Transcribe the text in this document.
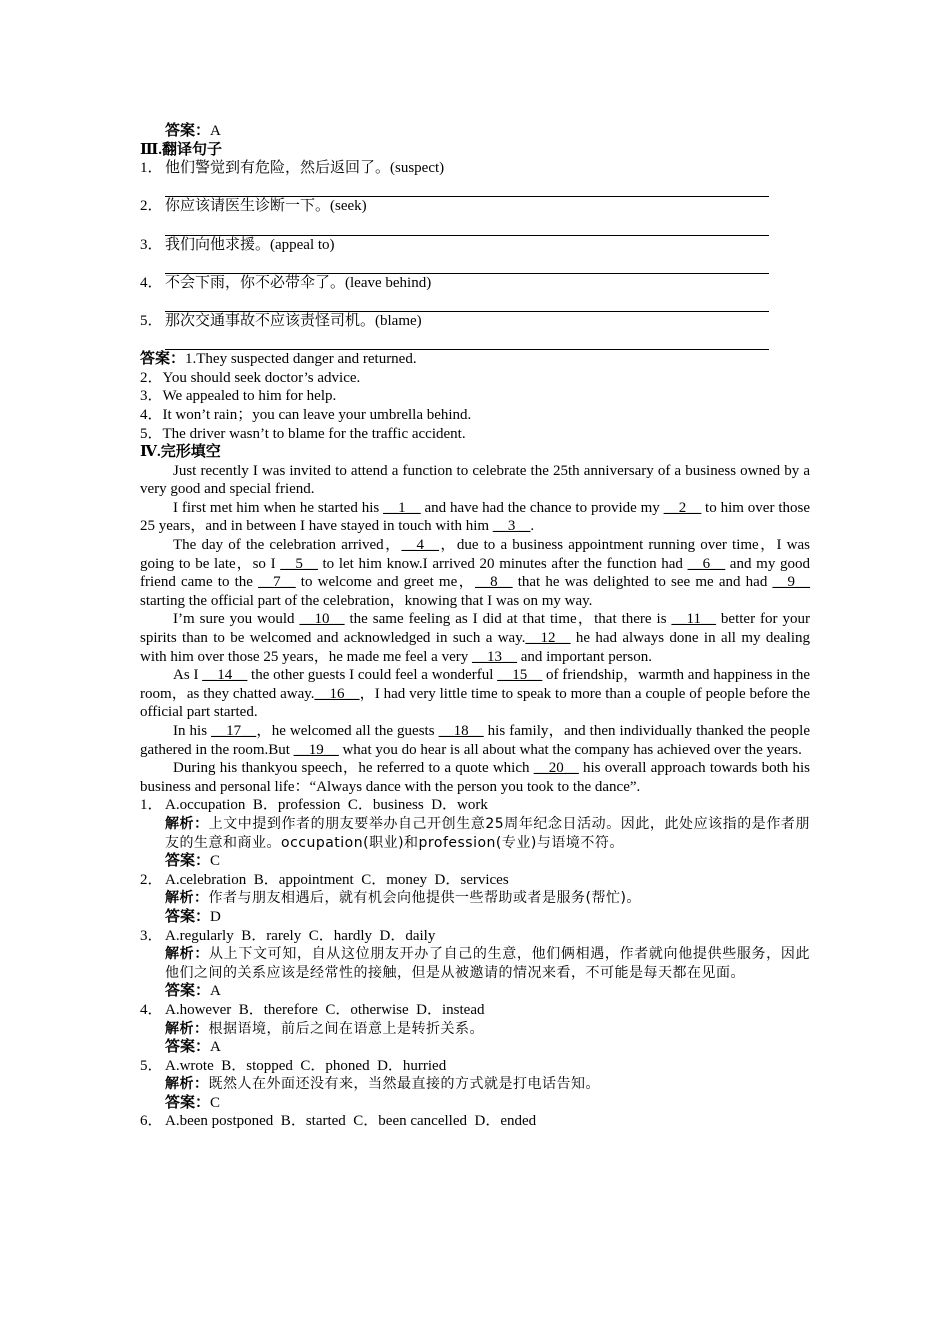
答案：A

Ⅲ.翻译句子

1． 他们警觉到有危险，然后返回了。(suspect)
2． 你应该请医生诊断一下。(seek)
3． 我们向他求援。(appeal to)
4． 不会下雨，你不必带伞了。(leave behind)
5． 那次交通事故不应该责怪司机。(blame)

答案：1.They suspected danger and returned.

2．You should seek doctor’s advice.

3．We appealed to him for help.

4．It won’t rain；you can leave your umbrella behind.

5．The driver wasn’t to blame for the traffic accident.

Ⅳ.完形填空

Just recently I was invited to attend a function to celebrate the 25th anniversary of a business owned by a very good and special friend.

I first met him when he started his __1__ and have had the chance to provide my __2__ to him over those 25 years，and in between I have stayed in touch with him __3__.

The day of the celebration arrived，__4__，due to a business appointment running over time，I was going to be late，so I __5__ to let him know.I arrived 20 minutes after the function had __6__ and my good friend came to the __7__ to welcome and greet me，__8__ that he was delighted to see me and had __9__ starting the official part of the celebration，knowing that I was on my way.

I’m sure you would __10__ the same feeling as I did at that time，that there is __11__ better for your spirits than to be welcomed and acknowledged in such a way.__12__ he had always done in all my dealing with him over those 25 years，he made me feel a very __13__ and important person.

As I __14__ the other guests I could feel a wonderful __15__ of friendship，warmth and happiness in the room，as they chatted away.__16__，I had very little time to speak to more than a couple of people before the official part started.

In his __17__，he welcomed all the guests __18__ his family，and then individually thanked the people gathered in the room.But __19__ what you do hear is all about what the company has achieved over the years.

During his thankyou speech，he referred to a quote which __20__ his overall approach towards both his business and personal life：“Always dance with the person you took to the dance”.

1． A.occupation  B．profession  C．business  D．work

解析：上文中提到作者的朋友要举办自己开创生意25周年纪念日活动。因此，此处应该指的是作者朋友的生意和商业。occupation(职业)和profession(专业)与语境不符。

答案：C

2． A.celebration  B．appointment  C．money  D．services

解析：作者与朋友相遇后，就有机会向他提供一些帮助或者是服务(帮忙)。

答案：D

3． A.regularly  B．rarely  C．hardly  D．daily

解析：从上下文可知，自从这位朋友开办了自己的生意，他们俩相遇，作者就向他提供些服务，因此他们之间的关系应该是经常性的接触，但是从被邀请的情况来看，不可能是每天都在见面。

答案：A

4． A.however  B．therefore  C．otherwise  D．instead

解析：根据语境，前后之间在语意上是转折关系。

答案：A

5． A.wrote  B．stopped  C．phoned  D．hurried

解析：既然人在外面还没有来，当然最直接的方式就是打电话告知。

答案：C

6． A.been postponed  B．started  C．been cancelled  D．ended
